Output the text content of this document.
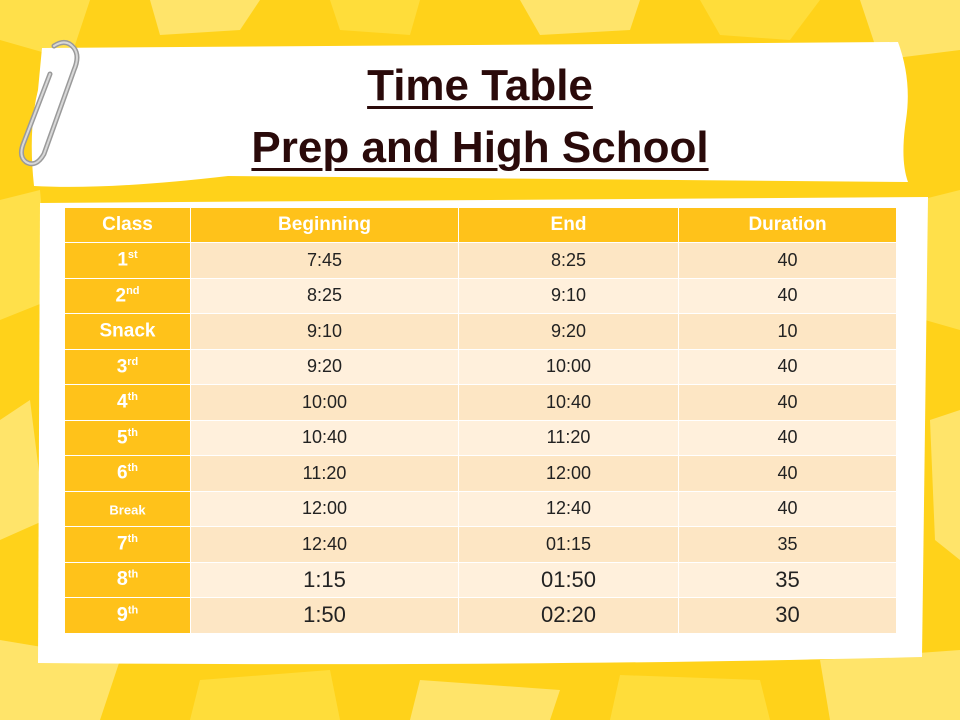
Time Table
Prep and High School
Class	Beginning	End	Duration
1st	7:45	8:25	40
2nd	8:25	9:10	40
Snack	9:10	9:20	10
3rd	9:20	10:00	40
4th	10:00	10:40	40
5th	10:40	11:20	40
6th	11:20	12:00	40
Break	12:00	12:40	40
7th	12:40	01:15	35
8th	1:15	01:50	35
9th	1:50	02:20	30
